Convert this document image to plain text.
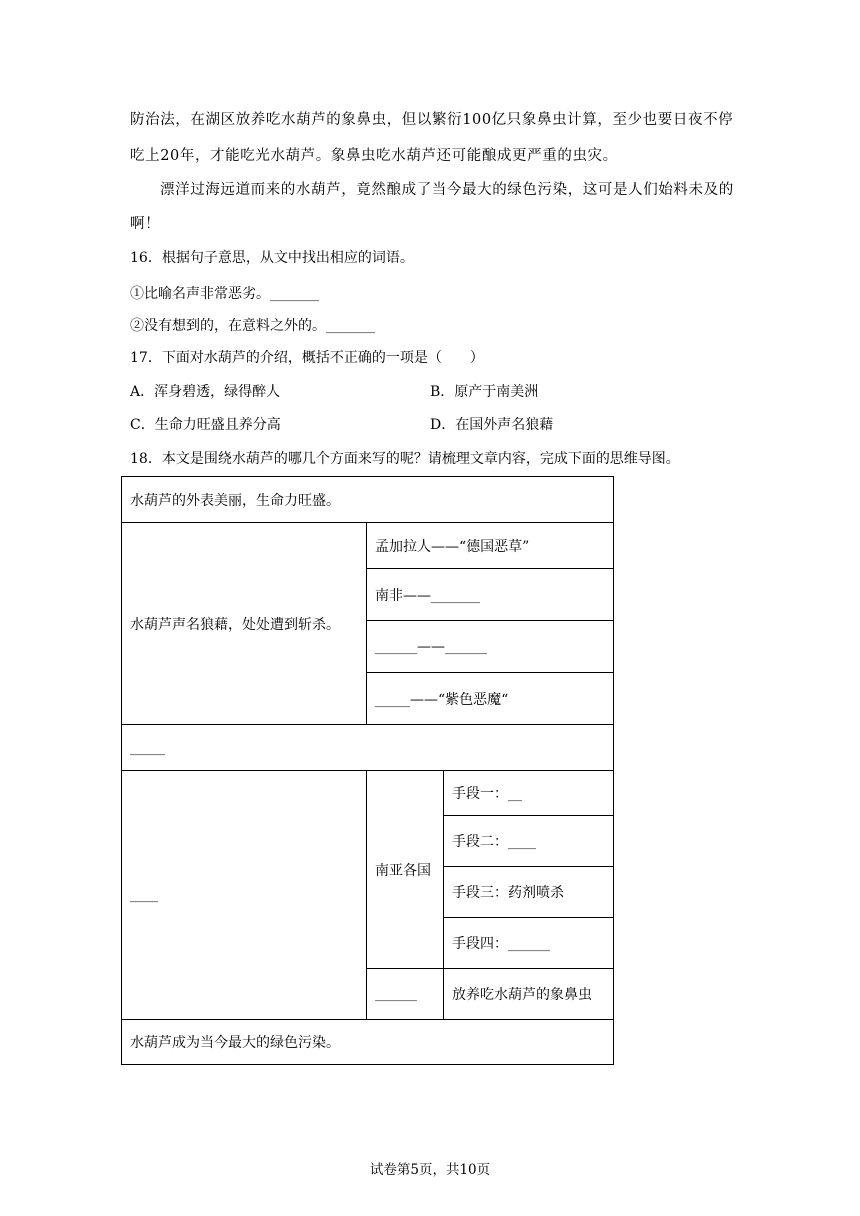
防治法，在湖区放养吃水葫芦的象鼻虫，但以繁衍100亿只象鼻虫计算，至少也要日夜不停
吃上20年，才能吃光水葫芦。象鼻虫吃水葫芦还可能酿成更严重的虫灾。
漂洋过海远道而来的水葫芦，竟然酿成了当今最大的绿色污染，这可是人们始料未及的
啊！
16．根据句子意思，从文中找出相应的词语。
①比喻名声非常恶劣。_______
②没有想到的，在意料之外的。_______
17．下面对水葫芦的介绍，概括不正确的一项是（　　）
A．浑身碧透，绿得醉人	B．原产于南美洲
C．生命力旺盛且养分高	D．在国外声名狼藉
18．本文是围绕水葫芦的哪几个方面来写的呢？请梳理文章内容，完成下面的思维导图。
水葫芦的外表美丽，生命力旺盛。		
水葫芦声名狼藉，处处遭到斩杀。	孟加拉人——“德国恶草”	
	南非——_______	
	______——______	
	_____——“紫色恶魔“	
_____		
____	南亚各国	手段一：__
		手段二：____
		手段三：药剂喷杀
		手段四：______
	______	放养吃水葫芦的象鼻虫
水葫芦成为当今最大的绿色污染。		
试卷第5页，共10页
